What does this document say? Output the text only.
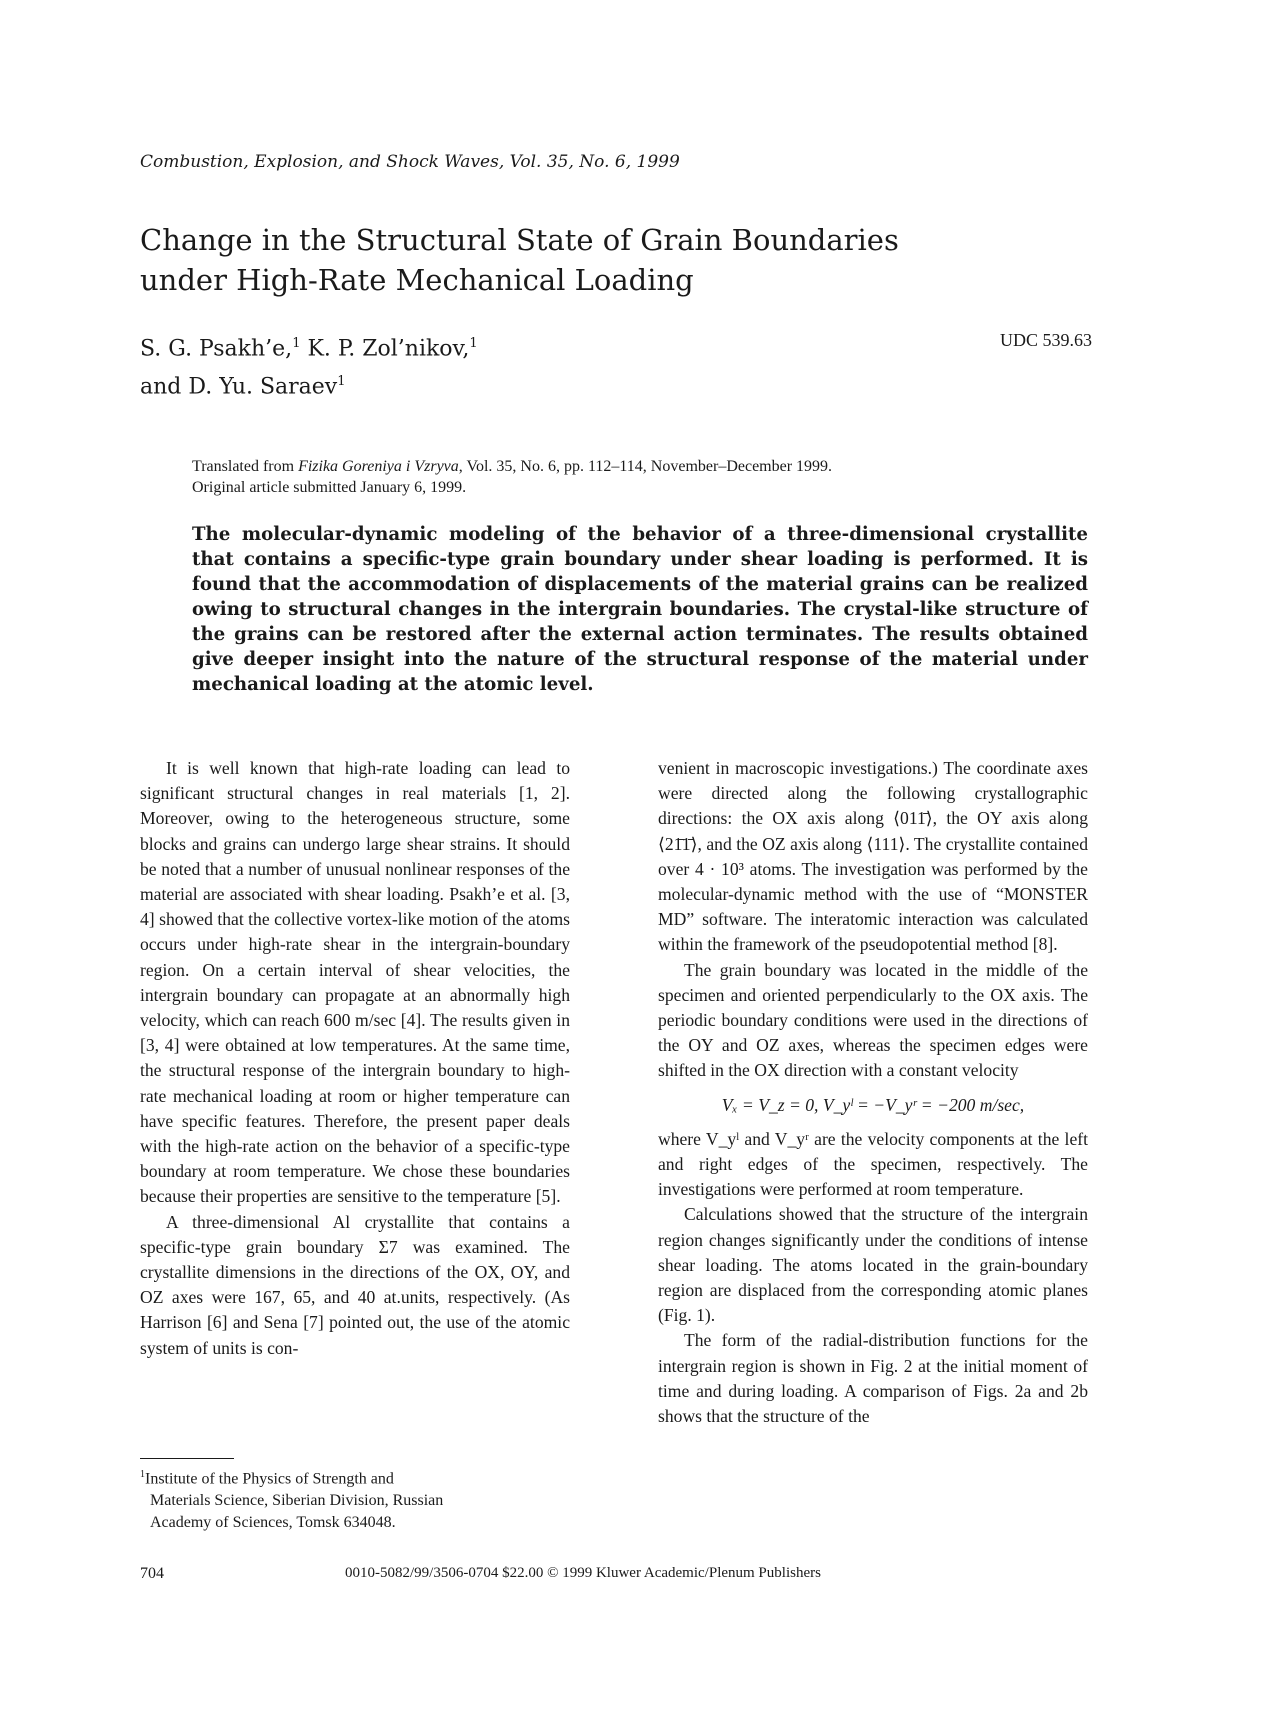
Combustion, Explosion, and Shock Waves, Vol. 35, No. 6, 1999
Change in the Structural State of Grain Boundaries
under High-Rate Mechanical Loading
S. G. Psakh’e,$^1$ K. P. Zol’nikov,$^1$
and D. Yu. Saraev$^1$
UDC 539.63
Translated from Fizika Goreniya i Vzryva, Vol. 35, No. 6, pp. 112–114, November–December 1999.
Original article submitted January 6, 1999.
The molecular-dynamic modeling of the behavior of a three-dimensional crystallite that contains a specific-type grain boundary under shear loading is performed. It is found that the accommodation of displacements of the material grains can be realized owing to structural changes in the intergrain boundaries. The crystal-like structure of the grains can be restored after the external action terminates. The results obtained give deeper insight into the nature of the structural response of the material under mechanical loading at the atomic level.

It is well known that high-rate loading can lead to significant structural changes in real materials [1, 2]. Moreover, owing to the heterogeneous structure, some blocks and grains can undergo large shear strains. It should be noted that a number of unusual nonlinear responses of the material are associated with shear loading. Psakh’e et al. [3, 4] showed that the collective vortex-like motion of the atoms occurs under high-rate shear in the intergrain-boundary region. On a certain interval of shear velocities, the intergrain boundary can propagate at an abnormally high velocity, which can reach 600 m/sec [4]. The results given in [3, 4] were obtained at low temperatures. At the same time, the structural response of the intergrain boundary to high-rate mechanical loading at room or higher temperature can have specific features. Therefore, the present paper deals with the high-rate action on the behavior of a specific-type boundary at room temperature. We chose these boundaries because their properties are sensitive to the temperature [5].

A three-dimensional Al crystallite that contains a specific-type grain boundary Σ7 was examined. The crystallite dimensions in the directions of the OX, OY, and OZ axes were 167, 65, and 40 at.units, respectively. (As Harrison [6] and Sena [7] pointed out, the use of the atomic system of units is con-

venient in macroscopic investigations.) The coordinate axes were directed along the following crystallographic directions: the OX axis along ⟨011̄⟩, the OY axis along ⟨21̄1̄⟩, and the OZ axis along ⟨111⟩. The crystallite contained over 4 · 10³ atoms. The investigation was performed by the molecular-dynamic method with the use of “MONSTER MD” software. The interatomic interaction was calculated within the framework of the pseudopotential method [8].

The grain boundary was located in the middle of the specimen and oriented perpendicularly to the OX axis. The periodic boundary conditions were used in the directions of the OY and OZ axes, whereas the specimen edges were shifted in the OX direction with a constant velocity

Vₓ = V_z = 0, V_yˡ = −V_yʳ = −200 m/sec,

where V_yˡ and V_yʳ are the velocity components at the left and right edges of the specimen, respectively. The investigations were performed at room temperature.

Calculations showed that the structure of the intergrain region changes significantly under the conditions of intense shear loading. The atoms located in the grain-boundary region are displaced from the corresponding atomic planes (Fig. 1).

The form of the radial-distribution functions for the intergrain region is shown in Fig. 2 at the initial moment of time and during loading. A comparison of Figs. 2a and 2b shows that the structure of the

$^1$Institute of the Physics of Strength and
Materials Science, Siberian Division, Russian
Academy of Sciences, Tomsk 634048.
704	0010-5082/99/3506-0704 $22.00 © 1999 Kluwer Academic/Plenum Publishers
